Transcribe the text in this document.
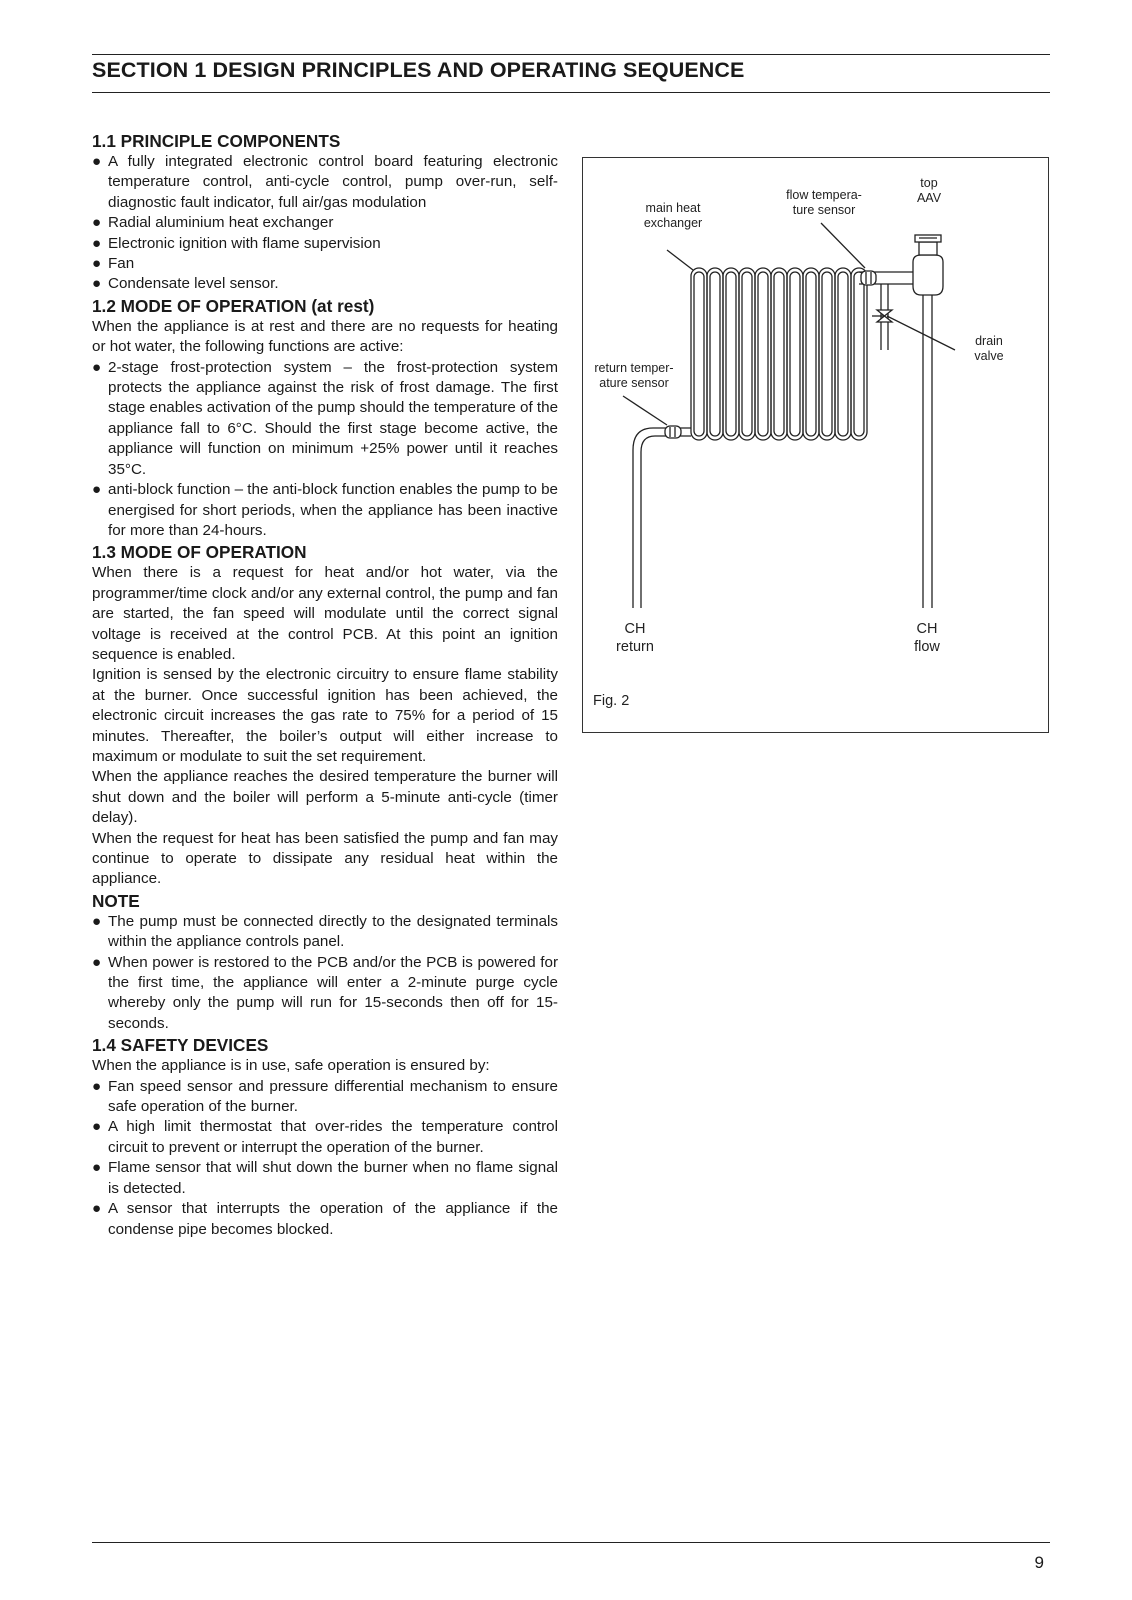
SECTION 1 DESIGN PRINCIPLES AND OPERATING SEQUENCE
1.1 PRINCIPLE COMPONENTS
● A fully integrated electronic control board featuring electronic temperature control, anti-cycle control, pump over-run, self-diagnostic fault indicator, full air/gas modulation
● Radial aluminium heat exchanger
● Electronic ignition with flame supervision
● Fan
● Condensate level sensor.
1.2 MODE OF OPERATION (at rest)

When the appliance is at rest and there are no requests for heating or hot water, the following functions are active:

● 2-stage frost-protection system – the frost-protection system protects the appliance against the risk of frost damage. The first stage enables activation of the pump should the temperature of the appliance fall to 6°C. Should the first stage become active, the appliance will function on minimum +25% power until it reaches 35°C.
● anti-block function – the anti-block function enables the pump to be energised for short periods, when the appliance has been inactive for more than 24-hours.
1.3 MODE OF OPERATION

When there is a request for heat and/or hot water, via the programmer/time clock and/or any external control, the pump and fan are started, the fan speed will modulate until the correct signal voltage is received at the control PCB. At this point an ignition sequence is enabled.

Ignition is sensed by the electronic circuitry to ensure flame stability at the burner. Once successful ignition has been achieved, the electronic circuit increases the gas rate to 75% for a period of 15 minutes. Thereafter, the boiler’s output will either increase to maximum or modulate to suit the set requirement.

When the appliance reaches the desired temperature the burner will shut down and the boiler will perform a 5-minute anti-cycle (timer delay).

When the request for heat has been satisfied the pump and fan may continue to operate to dissipate any residual heat within the appliance.

NOTE
● The pump must be connected directly to the designated terminals within the appliance controls panel.
● When power is restored to the PCB and/or the PCB is powered for the first time, the appliance will enter a 2-minute purge cycle whereby only the pump will run for 15-seconds then off for 15-seconds.
1.4 SAFETY DEVICES

When the appliance is in use, safe operation is ensured by:

● Fan speed sensor and pressure differential mechanism to ensure safe operation of the burner.
● A high limit thermostat that over-rides the temperature control circuit to prevent or interrupt the operation of the burner.
● Flame sensor that will shut down the burner when no flame signal is detected.
● A sensor that interrupts the operation of the appliance if the condense pipe becomes blocked.
main heat
exchanger
flow tempera-
ture sensor
top
AAV
drain
valve
return temper-
ature sensor
CH
return
CH
flow
Fig. 2
9
